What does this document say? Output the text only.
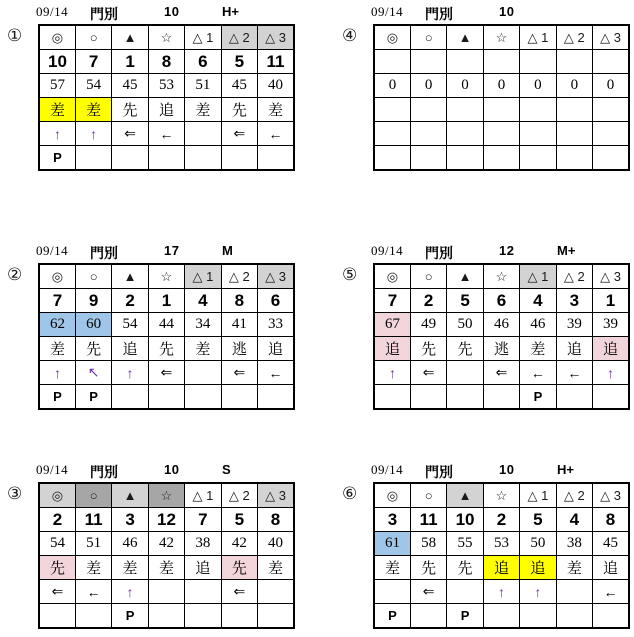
①
09/14 門別	10	H+
◎	○	▲	☆	△ 1	△ 2	△ 3
10	7	1	8	6	5	11
57	54	45	53	51	45	40
差	差	先	追	差	先	差
↑	↑	⇐	←		⇐	←
P						
②
09/14 門別	17	M
◎	○	▲	☆	△ 1	△ 2	△ 3
7	9	2	1	4	8	6
62	60	54	44	34	41	33
差	先	追	先	差	逃	追
↑	↖	↑	⇐		⇐	←
P	P					
③
09/14 門別	10	S
◎	○	▲	☆	△ 1	△ 2	△ 3
2	11	3	12	7	5	8
54	51	46	42	38	42	40
先	差	差	差	追	先	差
⇐	←	↑			⇐	
		P				
④
09/14 門別	10
◎	○	▲	☆	△ 1	△ 2	△ 3

0	0	0	0	0	0	0

⑤
09/14 門別	12	M+
◎	○	▲	☆	△ 1	△ 2	△ 3
7	2	5	6	4	3	1
67	49	50	46	46	39	39
追	先	先	逃	差	追	追
↑	⇐		⇐	←	←	↑
				P		
⑥
09/14 門別	10	H+
◎	○	▲	☆	△ 1	△ 2	△ 3
3	11	10	2	5	4	8
61	58	55	53	50	38	45
差	先	先	追	追	差	追
	⇐		↑	↑		←
P		P				
